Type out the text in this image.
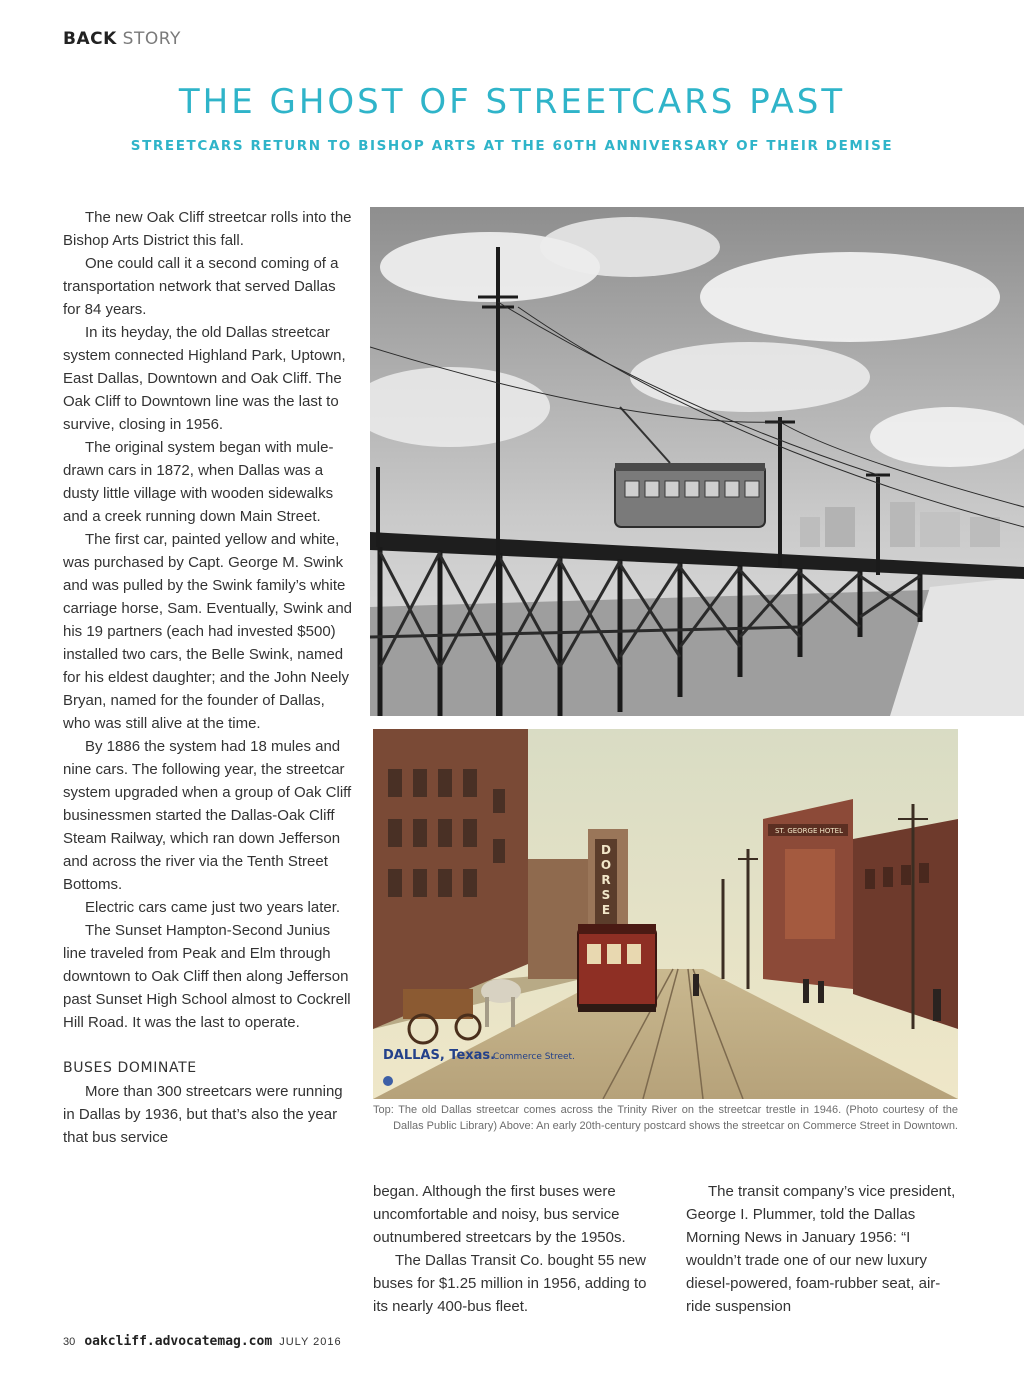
BACK STORY
THE GHOST OF STREETCARS PAST
STREETCARS RETURN TO BISHOP ARTS AT THE 60TH ANNIVERSARY OF THEIR DEMISE

The new Oak Cliff streetcar rolls into the Bishop Arts District this fall.

One could call it a second coming of a transportation network that served Dallas for 84 years.

In its heyday, the old Dallas streetcar system connected Highland Park, Uptown, East Dallas, Downtown and Oak Cliff. The Oak Cliff to Downtown line was the last to survive, closing in 1956.

The original system began with mule-drawn cars in 1872, when Dallas was a dusty little village with wooden sidewalks and a creek running down Main Street.

The first car, painted yellow and white, was purchased by Capt. George M. Swink and was pulled by the Swink family’s white carriage horse, Sam. Eventually, Swink and his 19 partners (each had invested $500) installed two cars, the Belle Swink, named for his eldest daughter; and the John Neely Bryan, named for the founder of Dallas, who was still alive at the time.

By 1886 the system had 18 mules and nine cars. The following year, the streetcar system upgraded when a group of Oak Cliff businessmen started the Dallas-Oak Cliff Steam Railway, which ran down Jefferson and across the river via the Tenth Street Bottoms.

Electric cars came just two years later.

The Sunset Hampton-Second Junius line traveled from Peak and Elm through downtown to Oak Cliff then along Jefferson past Sunset High School almost to Cockrell Hill Road. It was the last to operate.

BUSES DOMINATE

More than 300 streetcars were running in Dallas by 1936, but that’s also the year that bus service

D
O
R
S
E
ST. GEORGE HOTEL
DALLAS, Texas.
Commerce Street.
Top: The old Dallas streetcar comes across the Trinity River on the streetcar trestle in 1946. (Photo courtesy of the Dallas Public Library) Above: An early 20th-century postcard shows the streetcar on Commerce Street in Downtown.

began. Although the first buses were uncomfortable and noisy, bus service outnumbered streetcars by the 1950s.

The Dallas Transit Co. bought 55 new buses for $1.25 million in 1956, adding to its nearly 400-bus fleet.

The transit company’s vice president, George I. Plummer, told the Dallas Morning News in January 1956: “I wouldn’t trade one of our new luxury diesel-powered, foam-rubber seat, air-ride suspension

30 oakcliff.advocatemag.com JULY 2016
